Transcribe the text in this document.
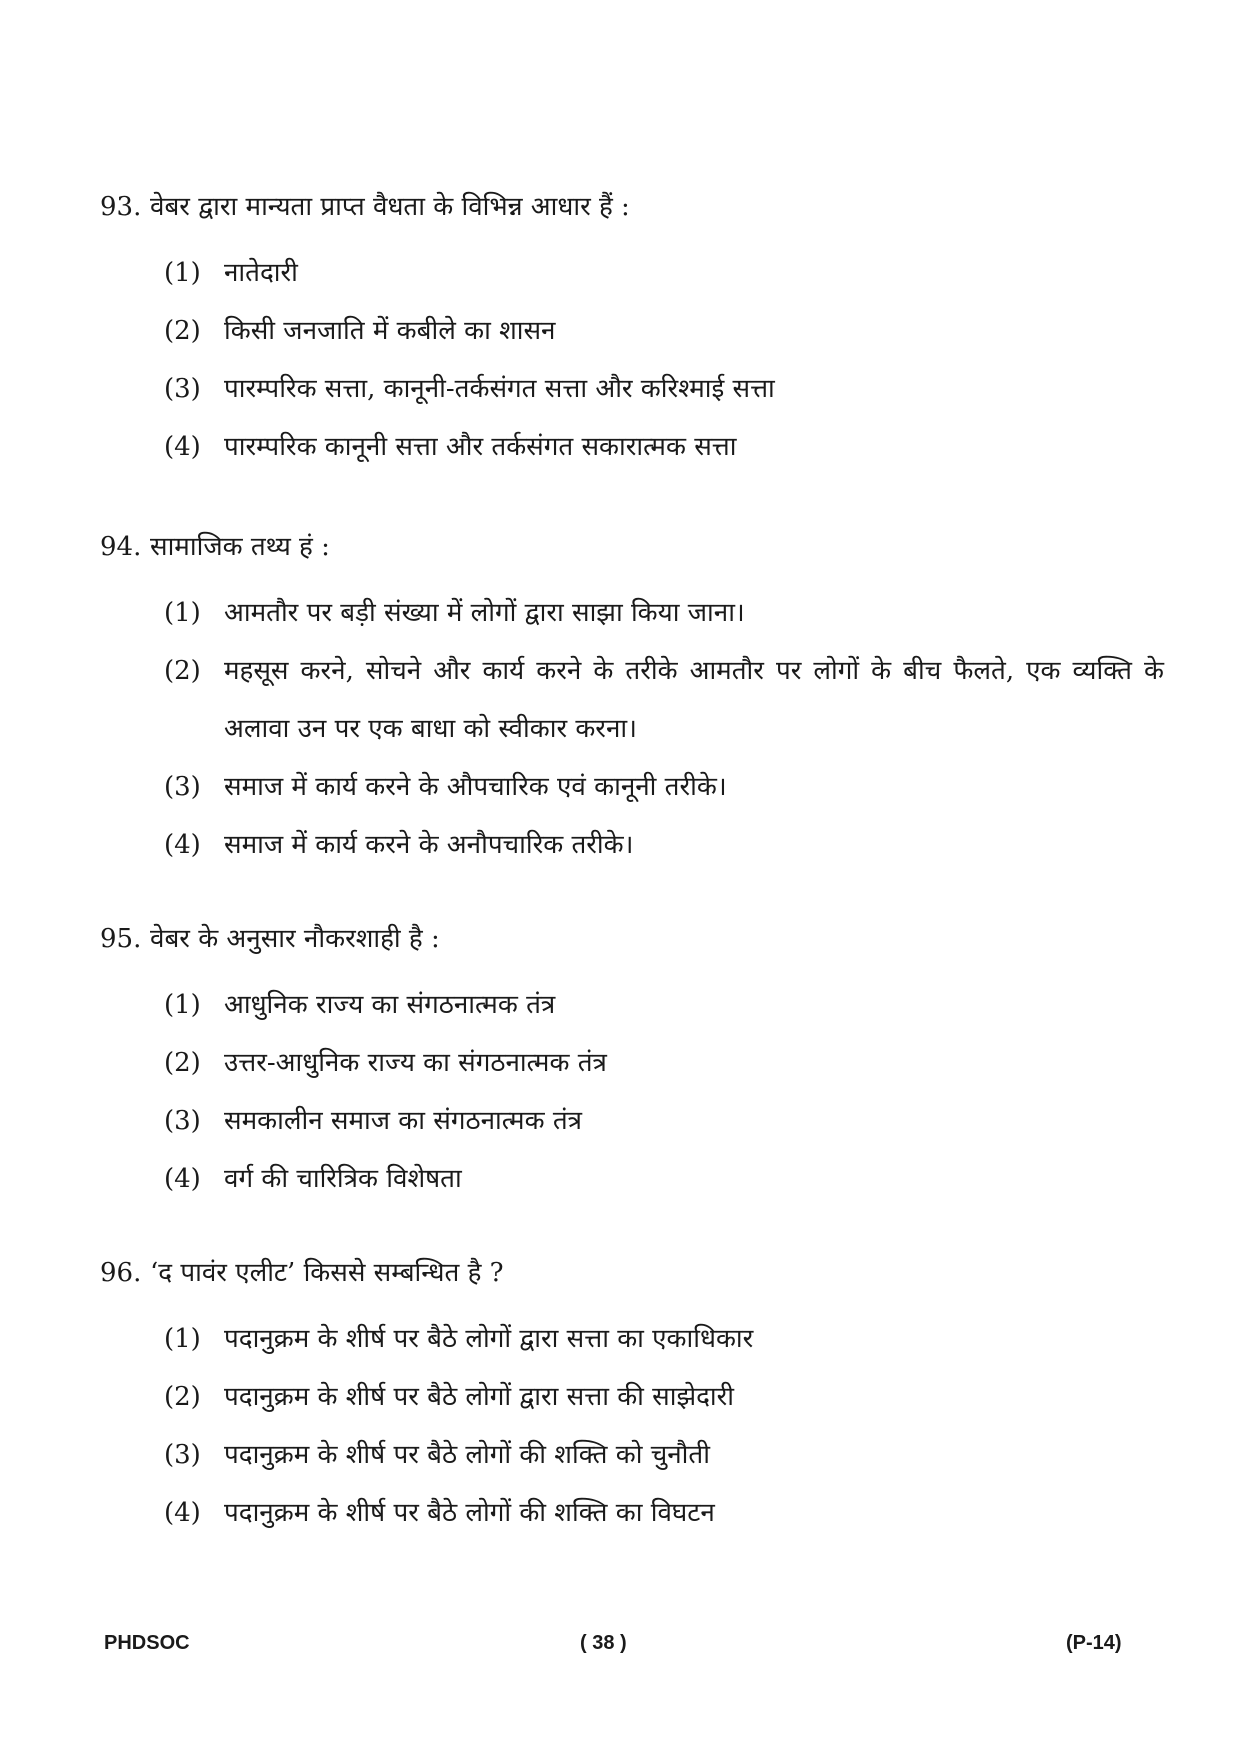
93. वेबर द्वारा मान्यता प्राप्त वैधता के विभिन्न आधार हैं :
(1) नातेदारी
(2) किसी जनजाति में कबीले का शासन
(3) पारम्परिक सत्ता, कानूनी-तर्कसंगत सत्ता और करिश्माई सत्ता
(4) पारम्परिक कानूनी सत्ता और तर्कसंगत सकारात्मक सत्ता
94. सामाजिक तथ्य हं :
(1) आमतौर पर बड़ी संख्या में लोगों द्वारा साझा किया जाना।
(2) महसूस करने, सोचने और कार्य करने के तरीके आमतौर पर लोगों के बीच फैलते, एक व्यक्ति के अलावा उन पर एक बाधा को स्वीकार करना।
(3) समाज में कार्य करने के औपचारिक एवं कानूनी तरीके।
(4) समाज में कार्य करने के अनौपचारिक तरीके।
95. वेबर के अनुसार नौकरशाही है :
(1) आधुनिक राज्य का संगठनात्मक तंत्र
(2) उत्तर-आधुनिक राज्य का संगठनात्मक तंत्र
(3) समकालीन समाज का संगठनात्मक तंत्र
(4) वर्ग की चारित्रिक विशेषता
96. ‘द पावंर एलीट’ किससे सम्बन्धित है ?
(1) पदानुक्रम के शीर्ष पर बैठे लोगों द्वारा सत्ता का एकाधिकार
(2) पदानुक्रम के शीर्ष पर बैठे लोगों द्वारा सत्ता की साझेदारी
(3) पदानुक्रम के शीर्ष पर बैठे लोगों की शक्ति को चुनौती
(4) पदानुक्रम के शीर्ष पर बैठे लोगों की शक्ति का विघटन
PHDSOC	( 38 )	(P-14)
